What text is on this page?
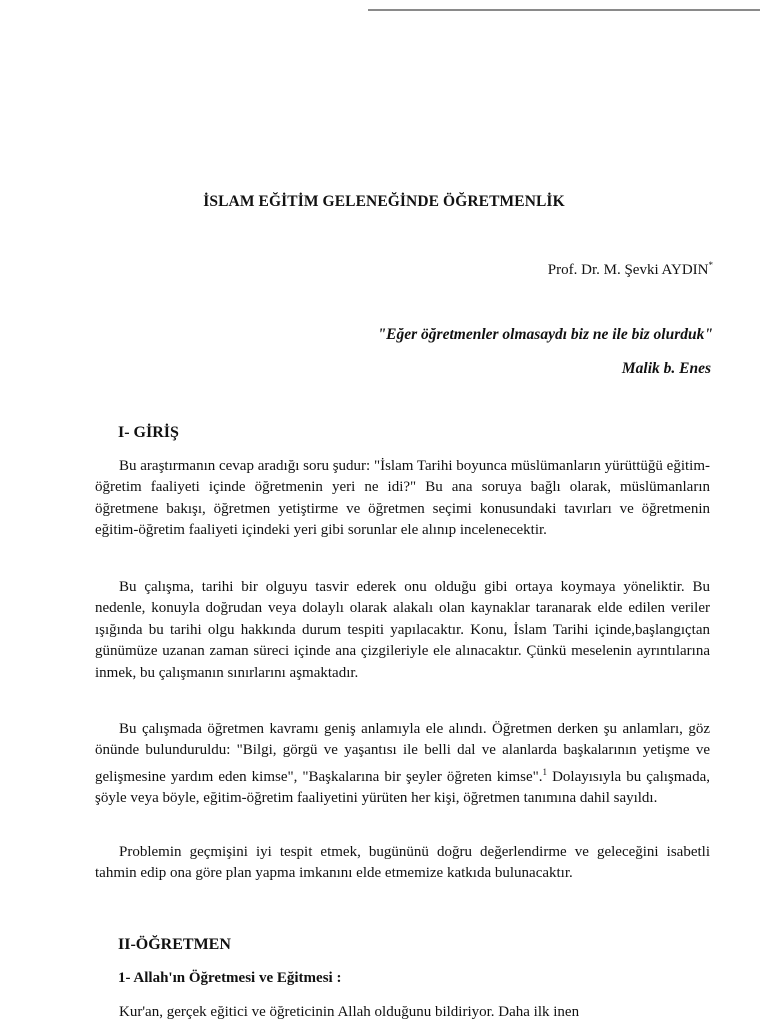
İSLAM EĞİTİM GELENEĞİNDE ÖĞRETMENLİK
Prof. Dr. M. Şevki AYDIN*
"Eğer öğretmenler olmasaydı biz ne ile biz olurduk"
Malik b. Enes
I- GİRİŞ
Bu araştırmanın cevap aradığı soru şudur: "İslam Tarihi boyunca müslümanların yürüttüğü eğitim-öğretim faaliyeti içinde öğretmenin yeri ne idi?" Bu ana soruya bağlı olarak, müslümanların öğretmene bakışı, öğretmen yetiştirme ve öğretmen seçimi konusundaki tavırları ve öğretmenin eğitim-öğretim faaliyeti içindeki yeri gibi sorunlar ele alınıp incelenecektir.
Bu çalışma, tarihi bir olguyu tasvir ederek onu olduğu gibi ortaya koymaya yöneliktir. Bu nedenle, konuyla doğrudan veya dolaylı olarak alakalı olan kaynaklar taranarak elde edilen veriler ışığında bu tarihi olgu hakkında durum tespiti yapılacaktır. Konu, İslam Tarihi içinde,başlangıçtan günümüze uzanan zaman süreci içinde ana çizgileriyle ele alınacaktır. Çünkü meselenin ayrıntılarına inmek, bu çalışmanın sınırlarını aşmaktadır.
Bu çalışmada öğretmen kavramı geniş anlamıyla ele alındı. Öğretmen derken şu anlamları, göz önünde bulunduruldu: "Bilgi, görgü ve yaşantısı ile belli dal ve alanlarda başkalarının yetişme ve gelişmesine yardım eden kimse", "Başkalarına bir şeyler öğreten kimse".$^1$ Dolayısıyla bu çalışmada, şöyle veya böyle, eğitim-öğretim faaliyetini yürüten her kişi, öğretmen tanımına dahil sayıldı.
Problemin geçmişini iyi tespit etmek, bugününü doğru değerlendirme ve geleceğini isabetli tahmin edip ona göre plan yapma imkanını elde etmemize katkıda bulunacaktır.
II-ÖĞRETMEN
1- Allah'ın Öğretmesi ve Eğitmesi :
Kur'an, gerçek eğitici ve öğreticinin Allah olduğunu bildiriyor. Daha ilk inen
